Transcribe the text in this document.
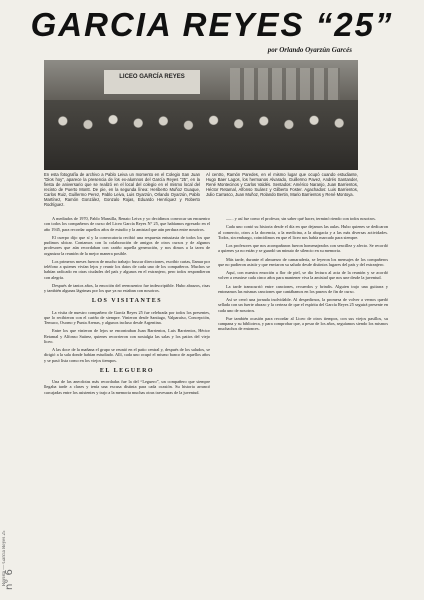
Revista — García Reyes 25
n° 6
GARCIA REYES “25”
por Orlando Oyarzún Garcés
LICEO GARCÍA REYES
En esta fotografía de archivo a Pablo Leiva un momento en el Colegio San Juan “Dios hoy”, aparece la presencia de los ex-alumnos del García Reyes “25”, en la fiesta de aniversario que se realizó en el local del colegio en el mismo local del recinto de Puerto Montt. De pie, en la segunda línea: Heriberto Muñoz Guaque, Carlos Ruiz, Guillermo Perez, Pablo Leiva, Luis Oyarzún, Orlando Oyarzún, Pablo Martínez, Ramón González, Gonzalo Rojas, Eduardo Henríquez y Roberto Rodríguez.
Al centro, Ramón Paredes, en el mismo lugar que ocupó cuando estudiante, Hugo Baer Lagos, los hermanos Alvarado, Guillermo Pavez, Andrés Santander, René Montecinos y Carlos Valdés. Sentados: Américo Naranjo, Juan Barrientos, Héctor Retamal, Alfonso Suárez y Gilberto Foster. Agachados: Luis Barrientos, Julio Carrasco, Juan Muñoz, Rolando Bertin, Mario Barrientos y René Montoya.

A mediados de 1970, Pablo Mansilla, Renato Leiva y yo decidimos convocar un encuentro con todos los compañeros de curso del Liceo García Reyes N° 25, que habíamos egresado en el año 1945, para recordar aquellos años de estudio y la amistad que aún perdura entre nosotros.

El cuerpo dijo que sí y la convocatoria recibió una respuesta entusiasta de todos los que pudimos ubicar. Contamos con la colaboración de amigos de otros cursos y de algunos profesores que aún recordaban con cariño aquella generación, y nos dimos a la tarea de organizar la reunión de la mejor manera posible.

Los primeros meses fueron de mucho trabajo: buscar direcciones, escribir cartas, llamar por teléfono a quienes vivían lejos y reunir los datos de cada uno de los compañeros. Muchos se habían radicado en otras ciudades del país y algunos en el extranjero, pero todos respondieron con alegría.

Después de tantos años, la emoción del reencuentro fue indescriptible. Hubo abrazos, risas y también algunas lágrimas por los que ya no estaban con nosotros.

LOS VISITANTES

La visita de nuestro compañero de García Reyes 25 fue celebrada por todos los presentes, que lo recibieron con el cariño de siempre. Vinieron desde Santiago, Valparaíso, Concepción, Temuco, Osorno y Punta Arenas, y algunos incluso desde Argentina.

Entre los que vinieron de lejos se encontraban Juan Barrientos, Luis Barrientos, Héctor Retamal y Alfonso Suárez, quienes recorrieron con nostalgia las salas y los patios del viejo liceo.

A las doce de la mañana el grupo se reunió en el patio central y, después de los saludos, se dirigió a la sala donde habían estudiado. Allí, cada uno ocupó el mismo banco de aquellos años y se pasó lista como en los viejos tiempos.

EL LEGUERO

Una de las anecdotas más recordadas fue la del “Leguero”, un compañero que siempre llegaba tarde a clases y tenía una excusa distinta para cada ocasión. Su historia arrancó carcajadas entre los asistentes y trajo a la memoria muchas otras travesuras de la juventud.

—... y así fue como el profesor, sin saber qué hacer, terminó riendo con todos nosotros.

Cada uno contó su historia desde el día en que dejamos las aulas. Hubo quienes se dedicaron al comercio, otros a la docencia, a la medicina, a la abogacía y a las más diversas actividades. Todos, sin embargo, coincidimos en que el liceo nos había marcado para siempre.

Los profesores que nos acompañaron fueron homenajeados con sencillez y afecto. Se recordó a quienes ya no están y se guardó un minuto de silencio en su memoria.

Más tarde, durante el almuerzo de camaradería, se leyeron los mensajes de los compañeros que no pudieron asistir y que enviaron su saludo desde distintos lugares del país y del extranjero.

Aquí, con nuestra emoción a flor de piel, se dio lectura al acta de la reunión y se acordó volver a reunirse cada cinco años para mantener viva la amistad que nos une desde la juventud.

La tarde transcurrió entre canciones, recuerdos y brindis. Alguien trajo una guitarra y entonamos las mismas canciones que cantábamos en los paseos de fin de curso.

Así se cerró una jornada inolvidable. Al despedirnos, la promesa de volver a vernos quedó sellada con un fuerte abrazo y la certeza de que el espíritu del García Reyes 25 seguirá presente en cada uno de nosotros.

Fue también ocasión para recordar al Liceo de otros tiempos, con sus viejos pasillos, su campana y su biblioteca, y para comprobar que, a pesar de los años, seguíamos siendo los mismos muchachos de entonces.
